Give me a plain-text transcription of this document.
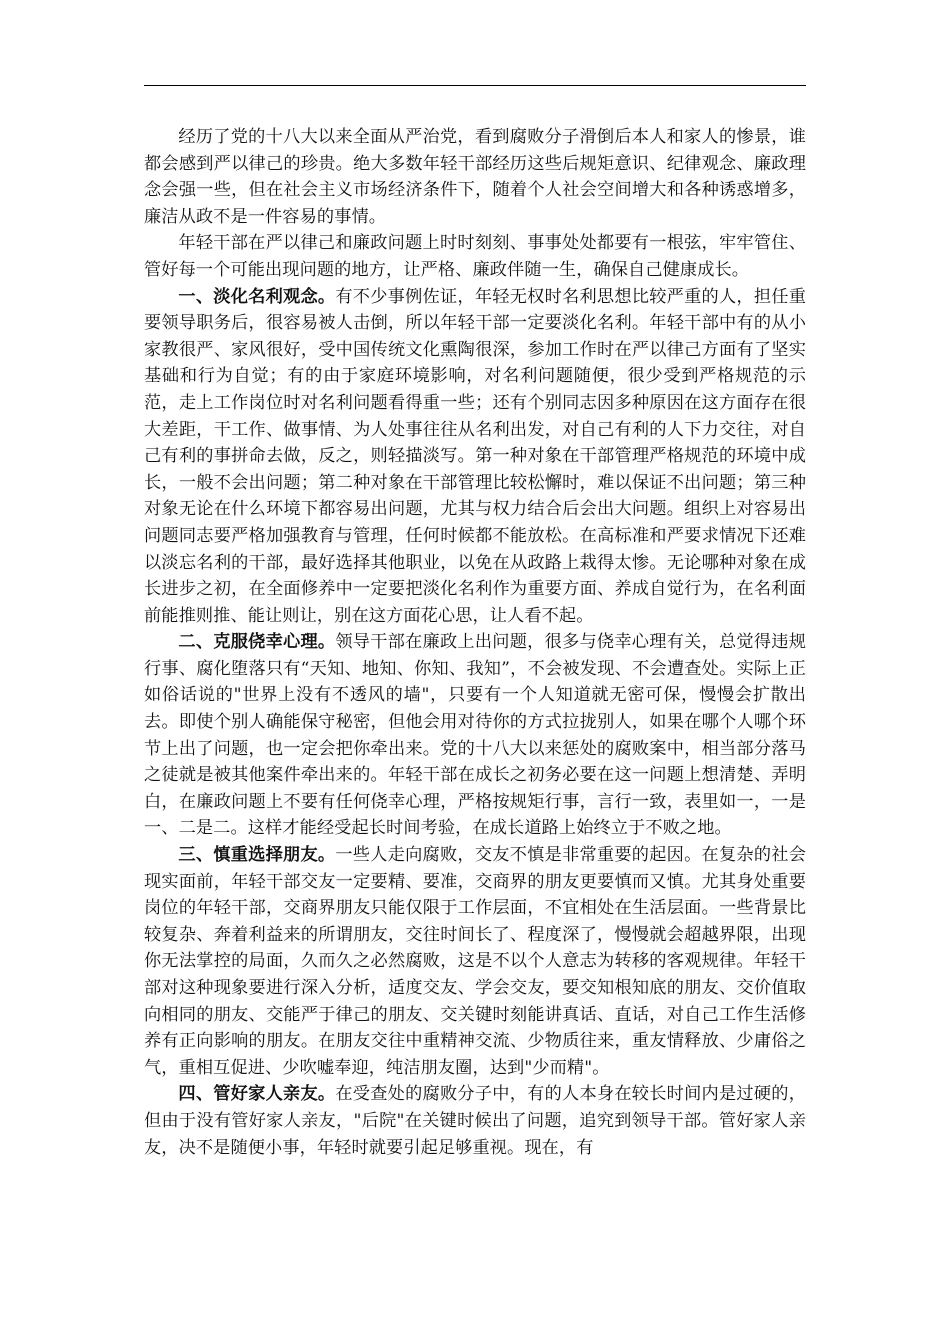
经历了党的十八大以来全面从严治党，看到腐败分子滑倒后本人和家人的惨景，谁都会感到严以律己的珍贵。绝大多数年轻干部经历这些后规矩意识、纪律观念、廉政理念会强一些，但在社会主义市场经济条件下，随着个人社会空间增大和各种诱惑增多，廉洁从政不是一件容易的事情。

年轻干部在严以律己和廉政问题上时时刻刻、事事处处都要有一根弦，牢牢管住、管好每一个可能出现问题的地方，让严格、廉政伴随一生，确保自己健康成长。

一、淡化名利观念。有不少事例佐证，年轻无权时名利思想比较严重的人，担任重要领导职务后，很容易被人击倒，所以年轻干部一定要淡化名利。年轻干部中有的从小家教很严、家风很好，受中国传统文化熏陶很深，参加工作时在严以律己方面有了坚实基础和行为自觉；有的由于家庭环境影响，对名利问题随便，很少受到严格规范的示范，走上工作岗位时对名利问题看得重一些；还有个别同志因多种原因在这方面存在很大差距，干工作、做事情、为人处事往往从名利出发，对自己有利的人下力交往，对自己有利的事拼命去做，反之，则轻描淡写。第一种对象在干部管理严格规范的环境中成长，一般不会出问题；第二种对象在干部管理比较松懈时，难以保证不出问题；第三种对象无论在什么环境下都容易出问题，尤其与权力结合后会出大问题。组织上对容易出问题同志要严格加强教育与管理，任何时候都不能放松。在高标准和严要求情况下还难以淡忘名利的干部，最好选择其他职业，以免在从政路上栽得太惨。无论哪种对象在成长进步之初，在全面修养中一定要把淡化名利作为重要方面、养成自觉行为，在名利面前能推则推、能让则让，别在这方面花心思，让人看不起。

二、克服侥幸心理。领导干部在廉政上出问题，很多与侥幸心理有关，总觉得违规行事、腐化堕落只有“天知、地知、你知、我知”，不会被发现、不会遭查处。实际上正如俗话说的"世界上没有不透风的墙"，只要有一个人知道就无密可保，慢慢会扩散出去。即使个别人确能保守秘密，但他会用对待你的方式拉拢别人，如果在哪个人哪个环节上出了问题，也一定会把你牵出来。党的十八大以来惩处的腐败案中，相当部分落马之徒就是被其他案件牵出来的。年轻干部在成长之初务必要在这一问题上想清楚、弄明白，在廉政问题上不要有任何侥幸心理，严格按规矩行事，言行一致，表里如一，一是一、二是二。这样才能经受起长时间考验，在成长道路上始终立于不败之地。

三、慎重选择朋友。一些人走向腐败，交友不慎是非常重要的起因。在复杂的社会现实面前，年轻干部交友一定要精、要准，交商界的朋友更要慎而又慎。尤其身处重要岗位的年轻干部，交商界朋友只能仅限于工作层面，不宜相处在生活层面。一些背景比较复杂、奔着利益来的所谓朋友，交往时间长了、程度深了，慢慢就会超越界限，出现你无法掌控的局面，久而久之必然腐败，这是不以个人意志为转移的客观规律。年轻干部对这种现象要进行深入分析，适度交友、学会交友，要交知根知底的朋友、交价值取向相同的朋友、交能严于律己的朋友、交关键时刻能讲真话、直话，对自己工作生活修养有正向影响的朋友。在朋友交往中重精神交流、少物质往来，重友情释放、少庸俗之气，重相互促进、少吹嘘奉迎，纯洁朋友圈，达到"少而精"。

四、管好家人亲友。在受查处的腐败分子中，有的人本身在较长时间内是过硬的，但由于没有管好家人亲友，"后院"在关键时候出了问题，追究到领导干部。管好家人亲友，决不是随便小事，年轻时就要引起足够重视。现在，有
